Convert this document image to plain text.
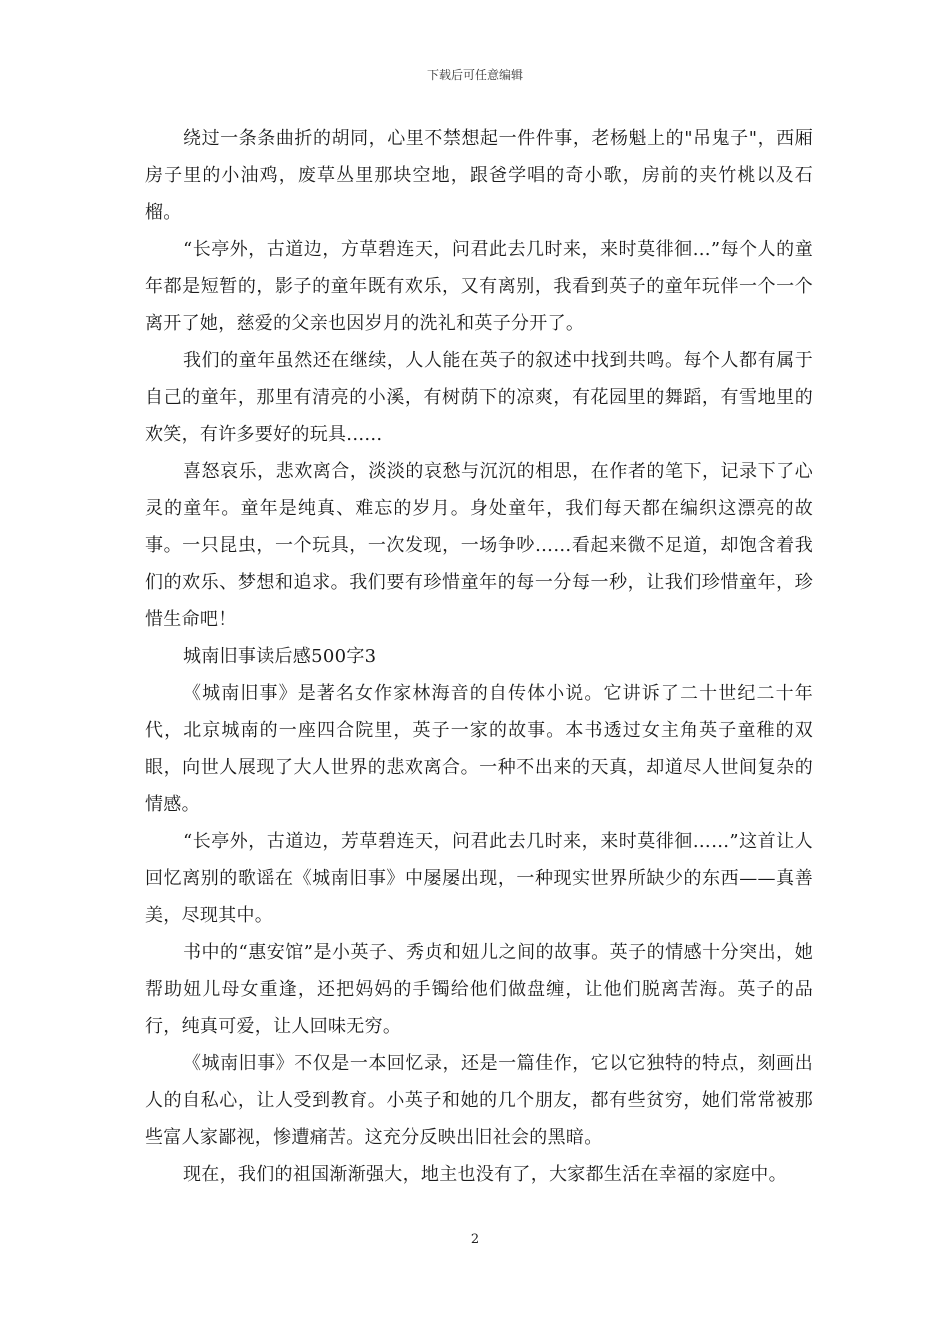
下载后可任意编辑

绕过一条条曲折的胡同，心里不禁想起一件件事，老杨魁上的"吊鬼子"，西厢房子里的小油鸡，废草丛里那块空地，跟爸学唱的奇小歌，房前的夹竹桃以及石榴。

“长亭外，古道边，方草碧连天，问君此去几时来，来时莫徘徊…”每个人的童年都是短暂的，影子的童年既有欢乐，又有离别，我看到英子的童年玩伴一个一个离开了她，慈爱的父亲也因岁月的洗礼和英子分开了。

我们的童年虽然还在继续，人人能在英子的叙述中找到共鸣。每个人都有属于自己的童年，那里有清亮的小溪，有树荫下的凉爽，有花园里的舞蹈，有雪地里的欢笑，有许多要好的玩具......

喜怒哀乐，悲欢离合，淡淡的哀愁与沉沉的相思，在作者的笔下，记录下了心灵的童年。童年是纯真、难忘的岁月。身处童年，我们每天都在编织这漂亮的故事。一只昆虫，一个玩具，一次发现，一场争吵……看起来微不足道，却饱含着我们的欢乐、梦想和追求。我们要有珍惜童年的每一分每一秒，让我们珍惜童年，珍惜生命吧！

城南旧事读后感500字3

《城南旧事》是著名女作家林海音的自传体小说。它讲诉了二十世纪二十年代，北京城南的一座四合院里，英子一家的故事。本书透过女主角英子童稚的双眼，向世人展现了大人世界的悲欢离合。一种不出来的天真，却道尽人世间复杂的情感。

“长亭外，古道边，芳草碧连天，问君此去几时来，来时莫徘徊……”这首让人回忆离别的歌谣在《城南旧事》中屡屡出现，一种现实世界所缺少的东西——真善美，尽现其中。

书中的“惠安馆”是小英子、秀贞和妞儿之间的故事。英子的情感十分突出，她帮助妞儿母女重逢，还把妈妈的手镯给他们做盘缠，让他们脱离苦海。英子的品行，纯真可爱，让人回味无穷。

《城南旧事》不仅是一本回忆录，还是一篇佳作，它以它独特的特点，刻画出人的自私心，让人受到教育。小英子和她的几个朋友，都有些贫穷，她们常常被那些富人家鄙视，惨遭痛苦。这充分反映出旧社会的黑暗。

现在，我们的祖国渐渐强大，地主也没有了，大家都生活在幸福的家庭中。

2
